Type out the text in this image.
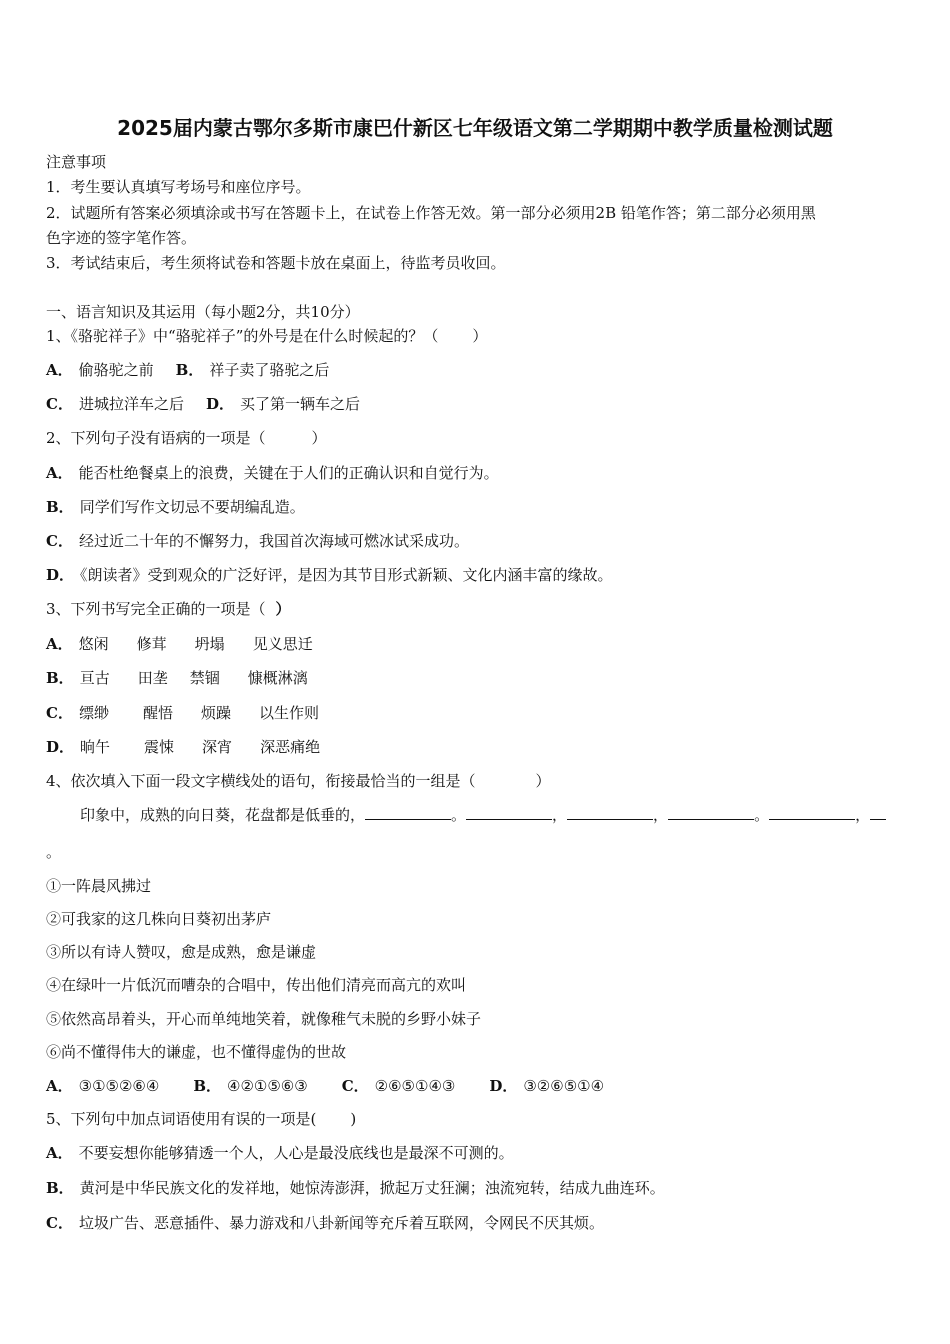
2025届内蒙古鄂尔多斯市康巴什新区七年级语文第二学期期中教学质量检测试题
注意事项
1．考生要认真填写考场号和座位序号。
2．试题所有答案必须填涂或书写在答题卡上，在试卷上作答无效。第一部分必须用2B 铅笔作答；第二部分必须用黑
色字迹的签字笔作答。
3．考试结束后，考生须将试卷和答题卡放在桌面上，待监考员收回。
一、语言知识及其运用（每小题2分，共10分）
1、《骆驼祥子》中“骆驼祥子”的外号是在什么时候起的？（ ）
A． 偷骆驼之前 B． 祥子卖了骆驼之后
C． 进城拉洋车之后 D． 买了第一辆车之后
2、下列句子没有语病的一项是（	）
A． 能否杜绝餐桌上的浪费，关键在于人们的正确认识和自觉行为。
B． 同学们写作文切忌不要胡编乱造。
C． 经过近二十年的不懈努力，我国首次海域可燃冰试采成功。
D． 《朗读者》受到观众的广泛好评，是因为其节目形式新颖、文化内涵丰富的缘故。
3、下列书写完全正确的一项是（ ）
A． 悠闲 修茸 坍塌 见义思迁
B． 亘古 田垄 禁锢 慷概淋漓
C． 缥缈 醒悟 烦躁 以生作则
D． 晌午 震悚 深宵 深恶痛绝
4、依次填入下面一段文字横线处的语句，衔接最恰当的一组是（	）
印象中，成熟的向日葵，花盘都是低垂的，	。	，	，	。	，
。
①一阵晨风拂过
②可我家的这几株向日葵初出茅庐
③所以有诗人赞叹，愈是成熟，愈是谦虚
④在绿叶一片低沉而嘈杂的合唱中，传出他们清亮而高亢的欢叫
⑤依然高昂着头，开心而单纯地笑着，就像稚气未脱的乡野小妹子
⑥尚不懂得伟大的谦虚，也不懂得虚伪的世故
A． ③①⑤②⑥④ B． ④②①⑤⑥③ C． ②⑥⑤①④③ D． ③②⑥⑤①④
5、下列句中加点词语使用有误的一项是( )
A． 不要妄想你能够猜透一个人，人心是最没底线也是最深不可测的。
B． 黄河是中华民族文化的发祥地，她惊涛澎湃，掀起万丈狂澜；浊流宛转，结成九曲连环。
C． 垃圾广告、恶意插件、暴力游戏和八卦新闻等充斥着互联网，令网民不厌其烦。
